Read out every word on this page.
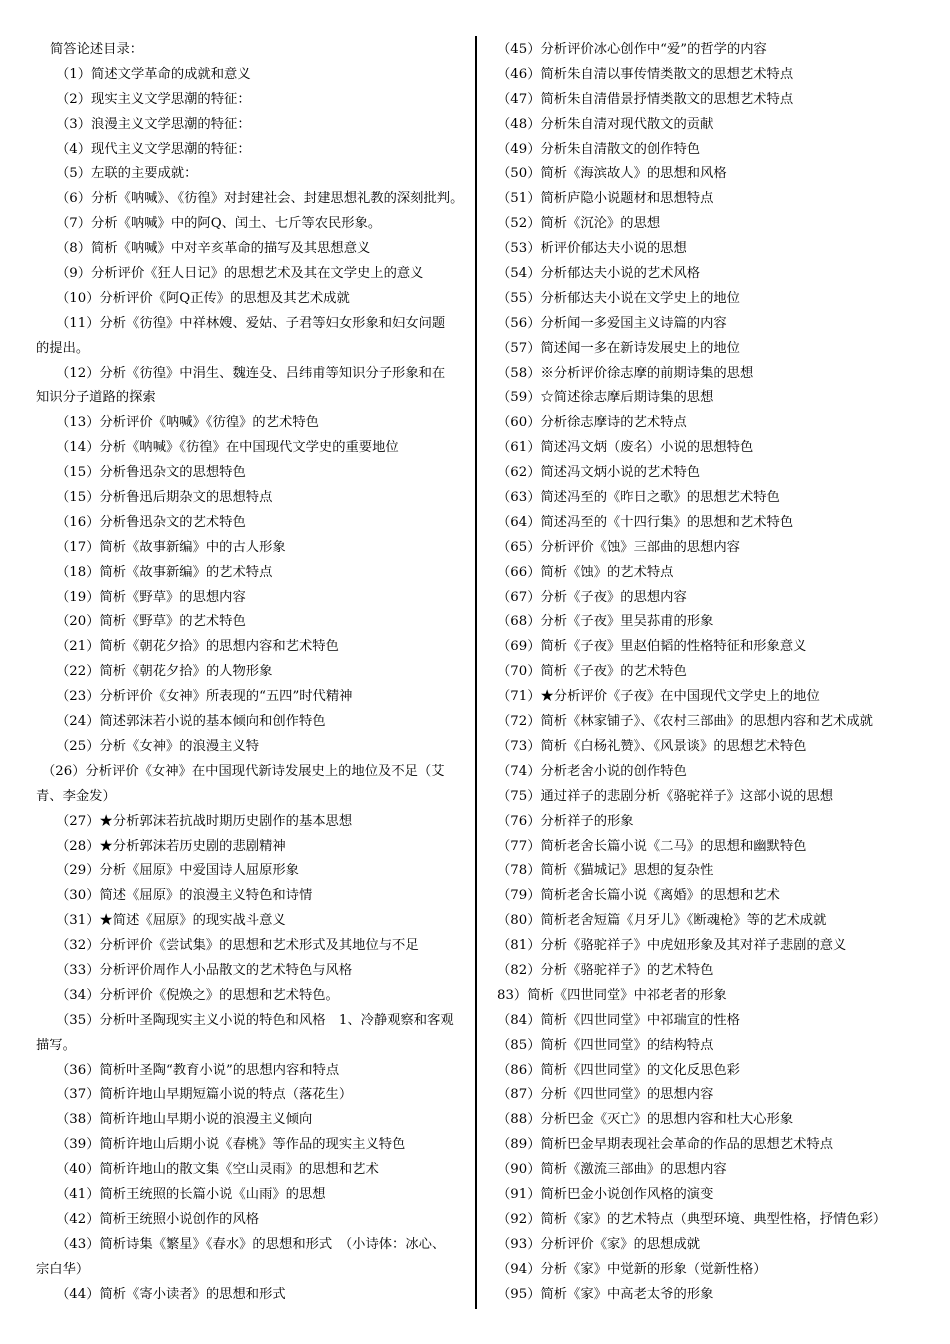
简答论述目录：
（1）简述文学革命的成就和意义
（2）现实主义文学思潮的特征：
（3）浪漫主义文学思潮的特征：
（4）现代主义文学思潮的特征：
（5）左联的主要成就：
（6）分析《呐喊》、《彷徨》对封建社会、封建思想礼教的深刻批判。
（7）分析《呐喊》中的阿Q、闰土、七斤等农民形象。
（8）简析《呐喊》中对辛亥革命的描写及其思想意义
（9）分析评价《狂人日记》的思想艺术及其在文学史上的意义
（10）分析评价《阿Q正传》的思想及其艺术成就
（11）分析《彷徨》中祥林嫂、爱姑、子君等妇女形象和妇女问题
的提出。
（12）分析《彷徨》中涓生、魏连殳、吕纬甫等知识分子形象和在
知识分子道路的探索
（13）分析评价《呐喊》《彷徨》的艺术特色
（14）分析《呐喊》《彷徨》在中国现代文学史的重要地位
（15）分析鲁迅杂文的思想特色
（15）分析鲁迅后期杂文的思想特点
（16）分析鲁迅杂文的艺术特色
（17）简析《故事新编》中的古人形象
（18）简析《故事新编》的艺术特点
（19）简析《野草》的思想内容
（20）简析《野草》的艺术特色
（21）简析《朝花夕拾》的思想内容和艺术特色
（22）简析《朝花夕拾》的人物形象
（23）分析评价《女神》所表现的“五四”时代精神
（24）简述郭沫若小说的基本倾向和创作特色
（25）分析《女神》的浪漫主义特
（26）分析评价《女神》在中国现代新诗发展史上的地位及不足（艾
青、李金发）
（27）★分析郭沫若抗战时期历史剧作的基本思想
（28）★分析郭沫若历史剧的悲剧精神
（29）分析《屈原》中爱国诗人屈原形象
（30）简述《屈原》的浪漫主义特色和诗情
（31）★简述《屈原》的现实战斗意义
（32）分析评价《尝试集》的思想和艺术形式及其地位与不足
（33）分析评价周作人小品散文的艺术特色与风格
（34）分析评价《倪焕之》的思想和艺术特色。
（35）分析叶圣陶现实主义小说的特色和风格　1、冷静观察和客观
描写。
（36）简析叶圣陶“教育小说”的思想内容和特点
（37）简析许地山早期短篇小说的特点（落花生）
（38）简析许地山早期小说的浪漫主义倾向
（39）简析许地山后期小说《春桃》等作品的现实主义特色
（40）简析许地山的散文集《空山灵雨》的思想和艺术
（41）简析王统照的长篇小说《山雨》的思想
（42）简析王统照小说创作的风格
（43）简析诗集《繁星》《春水》的思想和形式　（小诗体：冰心、
宗白华）
（44）简析《寄小读者》的思想和形式
（45）分析评价冰心创作中“爱”的哲学的内容
（46）简析朱自清以事传情类散文的思想艺术特点
（47）简析朱自清借景抒情类散文的思想艺术特点
（48）分析朱自清对现代散文的贡献
（49）分析朱自清散文的创作特色
（50）简析《海滨故人》的思想和风格
（51）简析庐隐小说题材和思想特点
（52）简析《沉沦》的思想
（53）析评价郁达夫小说的思想
（54）分析郁达夫小说的艺术风格
（55）分析郁达夫小说在文学史上的地位
（56）分析闻一多爱国主义诗篇的内容
（57）简述闻一多在新诗发展史上的地位
（58）※分析评价徐志摩的前期诗集的思想
（59）☆简述徐志摩后期诗集的思想
（60）分析徐志摩诗的艺术特点
（61）简述冯文炳（废名）小说的思想特色
（62）简述冯文炳小说的艺术特色
（63）简述冯至的《昨日之歌》的思想艺术特色
（64）简述冯至的《十四行集》的思想和艺术特色
（65）分析评价《蚀》三部曲的思想内容
（66）简析《蚀》的艺术特点
（67）分析《子夜》的思想内容
（68）分析《子夜》里吴荪甫的形象
（69）简析《子夜》里赵伯韬的性格特征和形象意义
（70）简析《子夜》的艺术特色
（71）★分析评价《子夜》在中国现代文学史上的地位
（72）简析《林家铺子》、《农村三部曲》的思想内容和艺术成就
（73）简析《白杨礼赞》、《风景谈》的思想艺术特色
（74）分析老舍小说的创作特色
（75）通过祥子的悲剧分析《骆驼祥子》这部小说的思想
（76）分析祥子的形象
（77）简析老舍长篇小说《二马》的思想和幽默特色
（78）简析《猫城记》思想的复杂性
（79）简析老舍长篇小说《离婚》的思想和艺术
（80）简析老舍短篇《月牙儿》《断魂枪》等的艺术成就
（81）分析《骆驼祥子》中虎妞形象及其对祥子悲剧的意义
（82）分析《骆驼祥子》的艺术特色
83）简析《四世同堂》中祁老者的形象
（84）简析《四世同堂》中祁瑞宣的性格
（85）简析《四世同堂》的结构特点
（86）简析《四世同堂》的文化反思色彩
（87）分析《四世同堂》的思想内容
（88）分析巴金《灭亡》的思想内容和杜大心形象
（89）简析巴金早期表现社会革命的作品的思想艺术特点
（90）简析《激流三部曲》的思想内容
（91）简析巴金小说创作风格的演变
（92）简析《家》的艺术特点（典型环境、典型性格，抒情色彩）
（93）分析评价《家》的思想成就
（94）分析《家》中觉新的形象（觉新性格）
（95）简析《家》中高老太爷的形象
